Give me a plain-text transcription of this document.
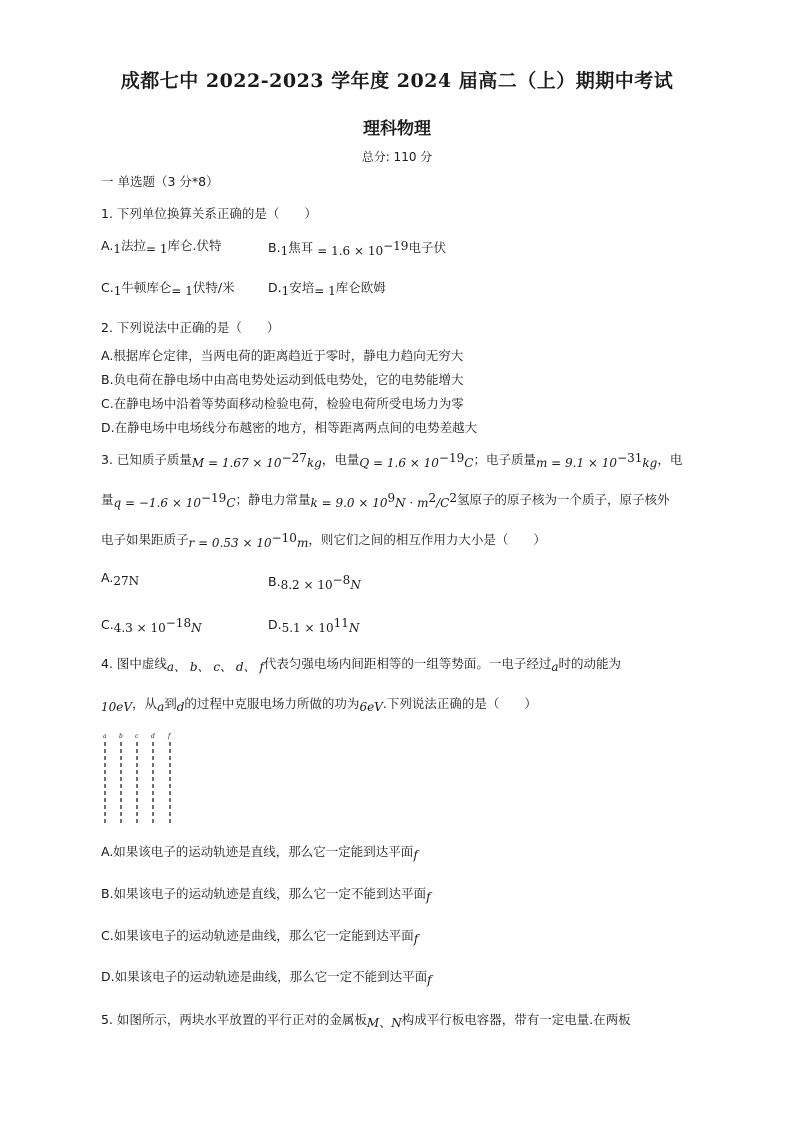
成都七中 2022-2023 学年度 2024 届高二（上）期期中考试
理科物理
总分: 110 分
一 单选题（3 分*8）
1. 下列单位换算关系正确的是（　　）
A.1法拉= 1库仑.伏特	B.1焦耳 = $1.6 \times 10^{-19}$电子伏
C.1牛顿库仑= 1伏特/米	D.1安培= 1库仑欧姆
2. 下列说法中正确的是（　　）
A.根据库仑定律，当两电荷的距离趋近于零时，静电力趋向无穷大
B.负电荷在静电场中由高电势处运动到低电势处，它的电势能增大
C.在静电场中沿着等势面移动检验电荷，检验电荷所受电场力为零
D.在静电场中电场线分布越密的地方，相等距离两点间的电势差越大
3. 已知质子质量$M = 1.67 \times 10^{-27}kg$，电量$Q = 1.6 \times 10^{-19}C$；电子质量$m = 9.1 \times 10^{-31}kg$，电
量$q = -1.6 \times 10^{-19}C$；静电力常量$k = 9.0 \times 10^9N \cdot m^2/C^2$氢原子的原子核为一个质子，原子核外
电子如果距质子$r = 0.53 \times 10^{-10}m$，则它们之间的相互作用力大小是（　　）
A.27N	$B.8.2 \times 10^{-8}N$
$C.4.3 \times 10^{-18}N$	$D.5.1 \times 10^{11}N$
4. 图中虚线a、 b、 c、 d、 f代表匀强电场内间距相等的一组等势面。一电子经过a时的动能为
10eV，从a到d的过程中克服电场力所做的功为6eV.下列说法正确的是（　　）
a b c d f
A.如果该电子的运动轨迹是直线，那么它一定能到达平面f
B.如果该电子的运动轨迹是直线，那么它一定不能到达平面f
C.如果该电子的运动轨迹是曲线，那么它一定能到达平面f
D.如果该电子的运动轨迹是曲线，那么它一定不能到达平面f
5. 如图所示，两块水平放置的平行正对的金属板M、N构成平行板电容器，带有一定电量.在两板
